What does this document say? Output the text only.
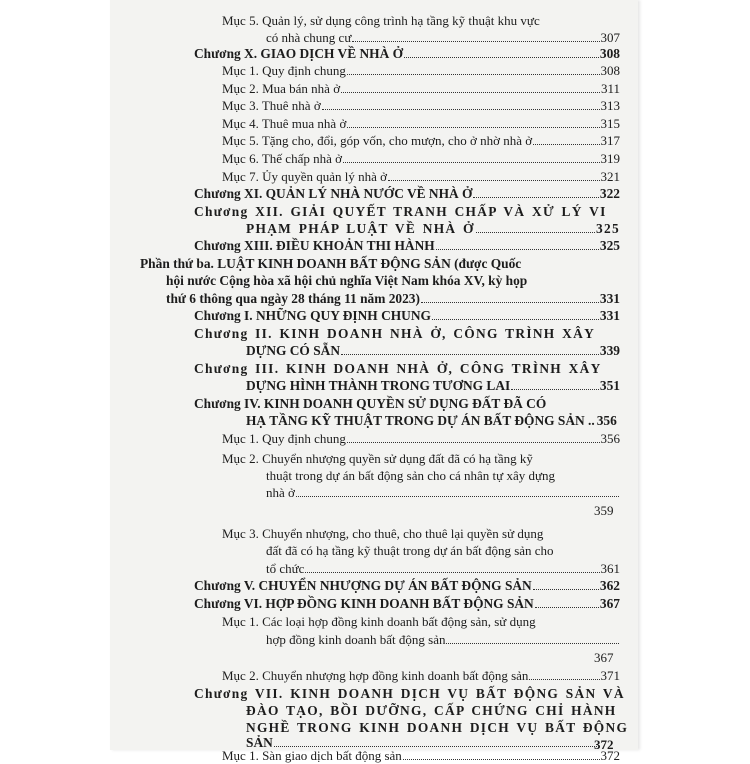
Mục 5. Quản lý, sử dụng công trình hạ tầng kỹ thuật khu vực
có nhà chung cư	307
Chương X. GIAO DỊCH VỀ NHÀ Ở	308
Mục 1. Quy định chung	308
Mục 2. Mua bán nhà ở	311
Mục 3. Thuê nhà ở	313
Mục 4. Thuê mua nhà ở	315
Mục 5. Tặng cho, đổi, góp vốn, cho mượn, cho ở nhờ nhà ở	317
Mục 6. Thế chấp nhà ở	319
Mục 7. Ủy quyền quản lý nhà ở	321
Chương XI. QUẢN LÝ NHÀ NƯỚC VỀ NHÀ Ở	322
Chương XII. GIẢI QUYẾT TRANH CHẤP VÀ XỬ LÝ VI
PHẠM PHÁP LUẬT VỀ NHÀ Ở	325
Chương XIII. ĐIỀU KHOẢN THI HÀNH	325
Phần thứ ba. LUẬT KINH DOANH BẤT ĐỘNG SẢN (được Quốc
hội nước Cộng hòa xã hội chủ nghĩa Việt Nam khóa XV, kỳ họp
thứ 6 thông qua ngày 28 tháng 11 năm 2023)	331
Chương I. NHỮNG QUY ĐỊNH CHUNG	331
Chương II. KINH DOANH NHÀ Ở, CÔNG TRÌNH XÂY
DỰNG CÓ SẴN	339
Chương III. KINH DOANH NHÀ Ở, CÔNG TRÌNH XÂY
DỰNG HÌNH THÀNH TRONG TƯƠNG LAI	351
Chương IV. KINH DOANH QUYỀN SỬ DỤNG ĐẤT ĐÃ CÓ
HẠ TẦNG KỸ THUẬT TRONG DỰ ÁN BẤT ĐỘNG SẢN .. 356
Mục 1. Quy định chung	356
Mục 2. Chuyển nhượng quyền sử dụng đất đã có hạ tầng kỹ
thuật trong dự án bất động sản cho cá nhân tự xây dựng
nhà ở
359
Mục 3. Chuyển nhượng, cho thuê, cho thuê lại quyền sử dụng
đất đã có hạ tầng kỹ thuật trong dự án bất động sản cho
tổ chức	361
Chương V. CHUYỂN NHƯỢNG DỰ ÁN BẤT ĐỘNG SẢN	362
Chương VI. HỢP ĐỒNG KINH DOANH BẤT ĐỘNG SẢN	367
Mục 1. Các loại hợp đồng kinh doanh bất động sản, sử dụng
hợp đồng kinh doanh bất động sản
367
Mục 2. Chuyển nhượng hợp đồng kinh doanh bất động sản	371
Chương VII. KINH DOANH DỊCH VỤ BẤT ĐỘNG SẢN VÀ
ĐÀO TẠO, BỒI DƯỠNG, CẤP CHỨNG CHỈ HÀNH
NGHỀ TRONG KINH DOANH DỊCH VỤ BẤT ĐỘNG
SẢN	372
Mục 1. Sàn giao dịch bất động sản	372
